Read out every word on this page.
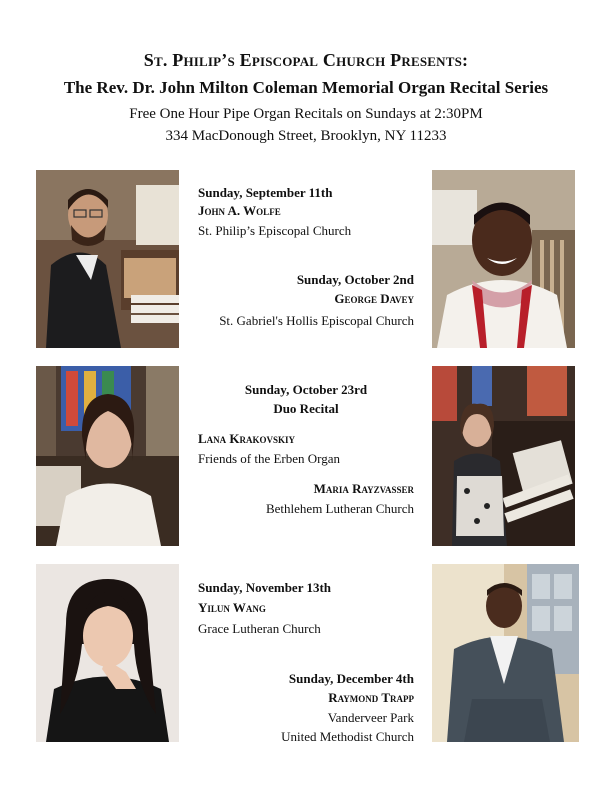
St. Philip’s Episcopal Church Presents:
The Rev. Dr. John Milton Coleman Memorial Organ Recital Series
Free One Hour Pipe Organ Recitals on Sundays at 2:30PM
334 MacDonough Street, Brooklyn, NY 11233
Sunday, September 11th
John A. Wolfe
St. Philip’s Episcopal Church
Sunday, October 2nd
George Davey
St. Gabriel's Hollis Episcopal Church
Sunday, October 23rd
Duo Recital
Lana Krakovskiy
Friends of the Erben Organ
Maria Rayzvasser
Bethlehem Lutheran Church
Sunday, November 13th
Yilun Wang
Grace Lutheran Church
Sunday, December 4th
Raymond Trapp
Vanderveer Park
United Methodist Church
